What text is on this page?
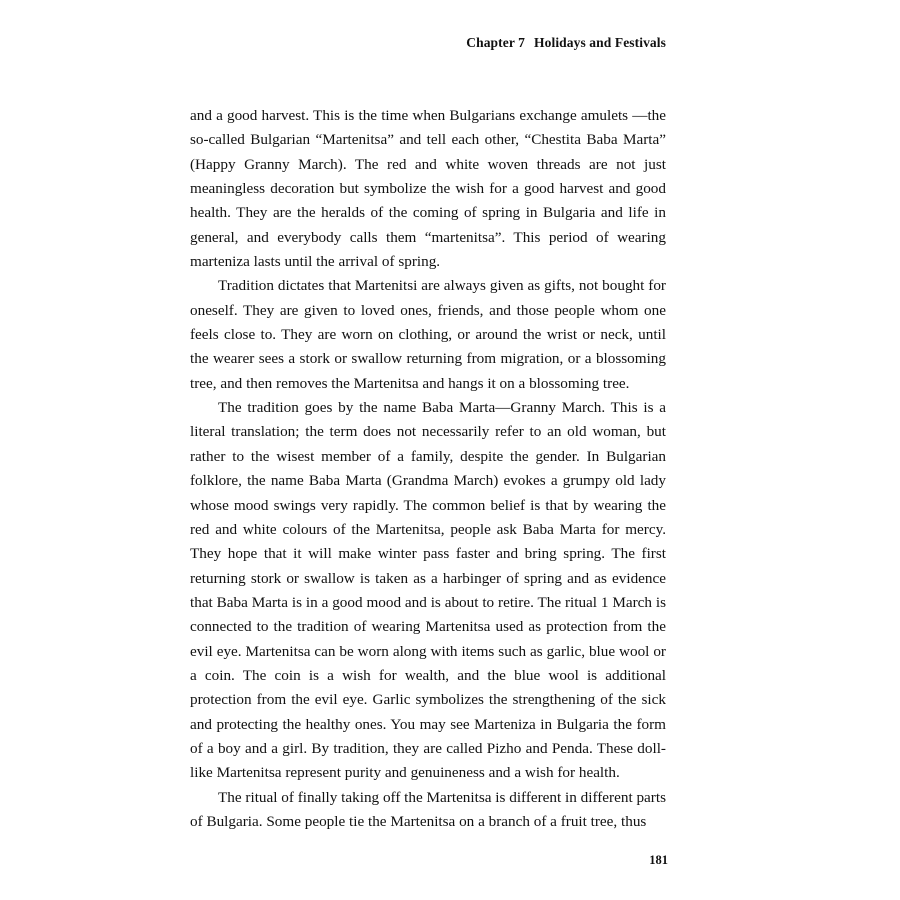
Chapter 7 Holidays and Festivals

and a good harvest. This is the time when Bulgarians exchange amulets —the so-called Bulgarian “Martenitsa” and tell each other, “Chestita Baba Marta” (Happy Granny March). The red and white woven threads are not just meaningless decoration but symbolize the wish for a good harvest and good health. They are the heralds of the coming of spring in Bulgaria and life in general, and everybody calls them “martenitsa”. This period of wearing marteniza lasts until the arrival of spring.

Tradition dictates that Martenitsi are always given as gifts, not bought for oneself. They are given to loved ones, friends, and those people whom one feels close to. They are worn on clothing, or around the wrist or neck, until the wearer sees a stork or swallow returning from migration, or a blossoming tree, and then removes the Martenitsa and hangs it on a blossoming tree.

The tradition goes by the name Baba Marta—Granny March. This is a literal translation; the term does not necessarily refer to an old woman, but rather to the wisest member of a family, despite the gender. In Bulgarian folklore, the name Baba Marta (Grandma March) evokes a grumpy old lady whose mood swings very rapidly. The common belief is that by wearing the red and white colours of the Martenitsa, people ask Baba Marta for mercy. They hope that it will make winter pass faster and bring spring. The first returning stork or swallow is taken as a harbinger of spring and as evidence that Baba Marta is in a good mood and is about to retire. The ritual 1 March is connected to the tradition of wearing Martenitsa used as protection from the evil eye. Martenitsa can be worn along with items such as garlic, blue wool or a coin. The coin is a wish for wealth, and the blue wool is additional protection from the evil eye. Garlic symbolizes the strengthening of the sick and protecting the healthy ones. You may see Marteniza in Bulgaria the form of a boy and a girl. By tradition, they are called Pizho and Penda. These doll-like Martenitsa represent purity and genuineness and a wish for health.

The ritual of finally taking off the Martenitsa is different in different parts of Bulgaria. Some people tie the Martenitsa on a branch of a fruit tree, thus

181
